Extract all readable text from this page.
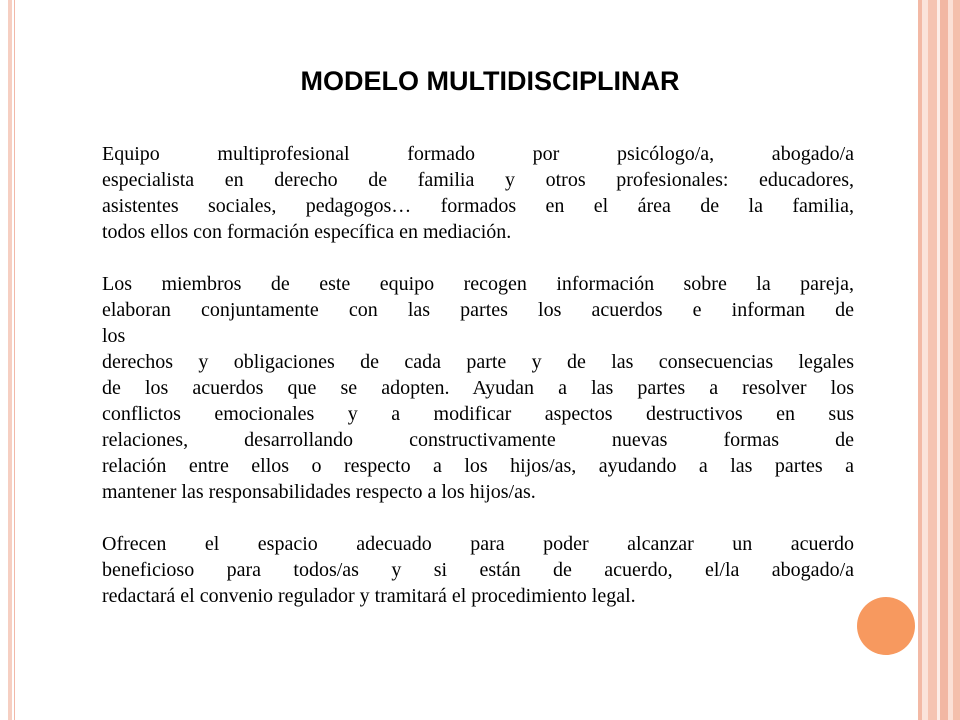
MODELO MULTIDISCIPLINAR

Equipo multiprofesional formado por psicólogo/a, abogado/a
especialista en derecho de familia y otros profesionales: educadores,
asistentes sociales, pedagogos… formados en el área de la familia,
todos ellos con formación específica en mediación.

Los miembros de este equipo recogen información sobre la pareja,
elaboran conjuntamente con las partes los acuerdos e informan de
los
derechos y obligaciones de cada parte y de las consecuencias legales
de los acuerdos que se adopten. Ayudan a las partes a resolver los
conflictos emocionales y a modificar aspectos destructivos en sus
relaciones, desarrollando constructivamente nuevas formas de
relación entre ellos o respecto a los hijos/as, ayudando a las partes a
mantener las responsabilidades respecto a los hijos/as.

Ofrecen el espacio adecuado para poder alcanzar un acuerdo
beneficioso para todos/as y si están de acuerdo, el/la abogado/a
redactará el convenio regulador y tramitará el procedimiento legal.
